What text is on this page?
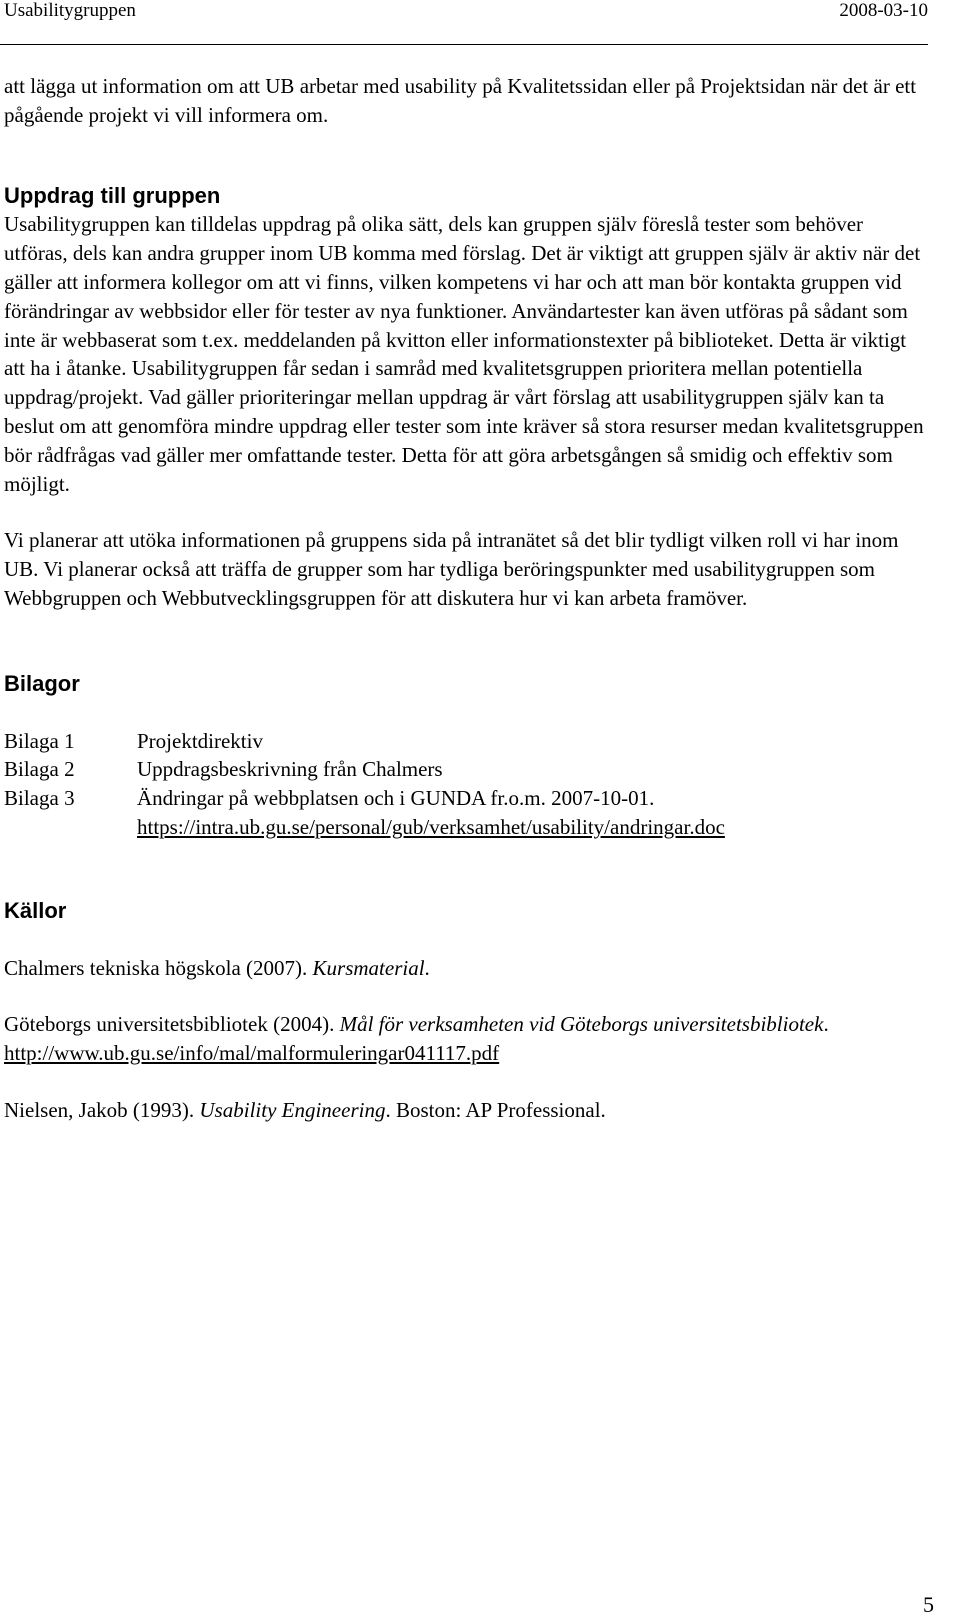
Usabilitygruppen	2008-03-10

att lägga ut information om att UB arbetar med usability på Kvalitetssidan eller på Projektsidan när det är ett pågående projekt vi vill informera om.

Uppdrag till gruppen

Usabilitygruppen kan tilldelas uppdrag på olika sätt, dels kan gruppen själv föreslå tester som behöver utföras, dels kan andra grupper inom UB komma med förslag. Det är viktigt att gruppen själv är aktiv när det gäller att informera kollegor om att vi finns, vilken kompetens vi har och att man bör kontakta gruppen vid förändringar av webbsidor eller för tester av nya funktioner. Användartester kan även utföras på sådant som inte är webbaserat som t.ex. meddelanden på kvitton eller informationstexter på biblioteket. Detta är viktigt att ha i åtanke. Usabilitygruppen får sedan i samråd med kvalitetsgruppen prioritera mellan potentiella uppdrag/projekt. Vad gäller prioriteringar mellan uppdrag är vårt förslag att usabilitygruppen själv kan ta beslut om att genomföra mindre uppdrag eller tester som inte kräver så stora resurser medan kvalitetsgruppen bör rådfrågas vad gäller mer omfattande tester. Detta för att göra arbetsgången så smidig och effektiv som möjligt.

Vi planerar att utöka informationen på gruppens sida på intranätet så det blir tydligt vilken roll vi har inom UB. Vi planerar också att träffa de grupper som har tydliga beröringspunkter med usabilitygruppen som Webbgruppen och Webbutvecklingsgruppen för att diskutera hur vi kan arbeta framöver.

Bilagor
Bilaga 1	Projektdirektiv
Bilaga 2	Uppdragsbeskrivning från Chalmers
Bilaga 3	Ändringar på webbplatsen och i GUNDA fr.o.m. 2007-10-01.
https://intra.ub.gu.se/personal/gub/verksamhet/usability/andringar.doc
Källor

Chalmers tekniska högskola (2007). Kursmaterial.

Göteborgs universitetsbibliotek (2004). Mål för verksamheten vid Göteborgs universitetsbibliotek. http://www.ub.gu.se/info/mal/malformuleringar041117.pdf

Nielsen, Jakob (1993). Usability Engineering. Boston: AP Professional.

5
